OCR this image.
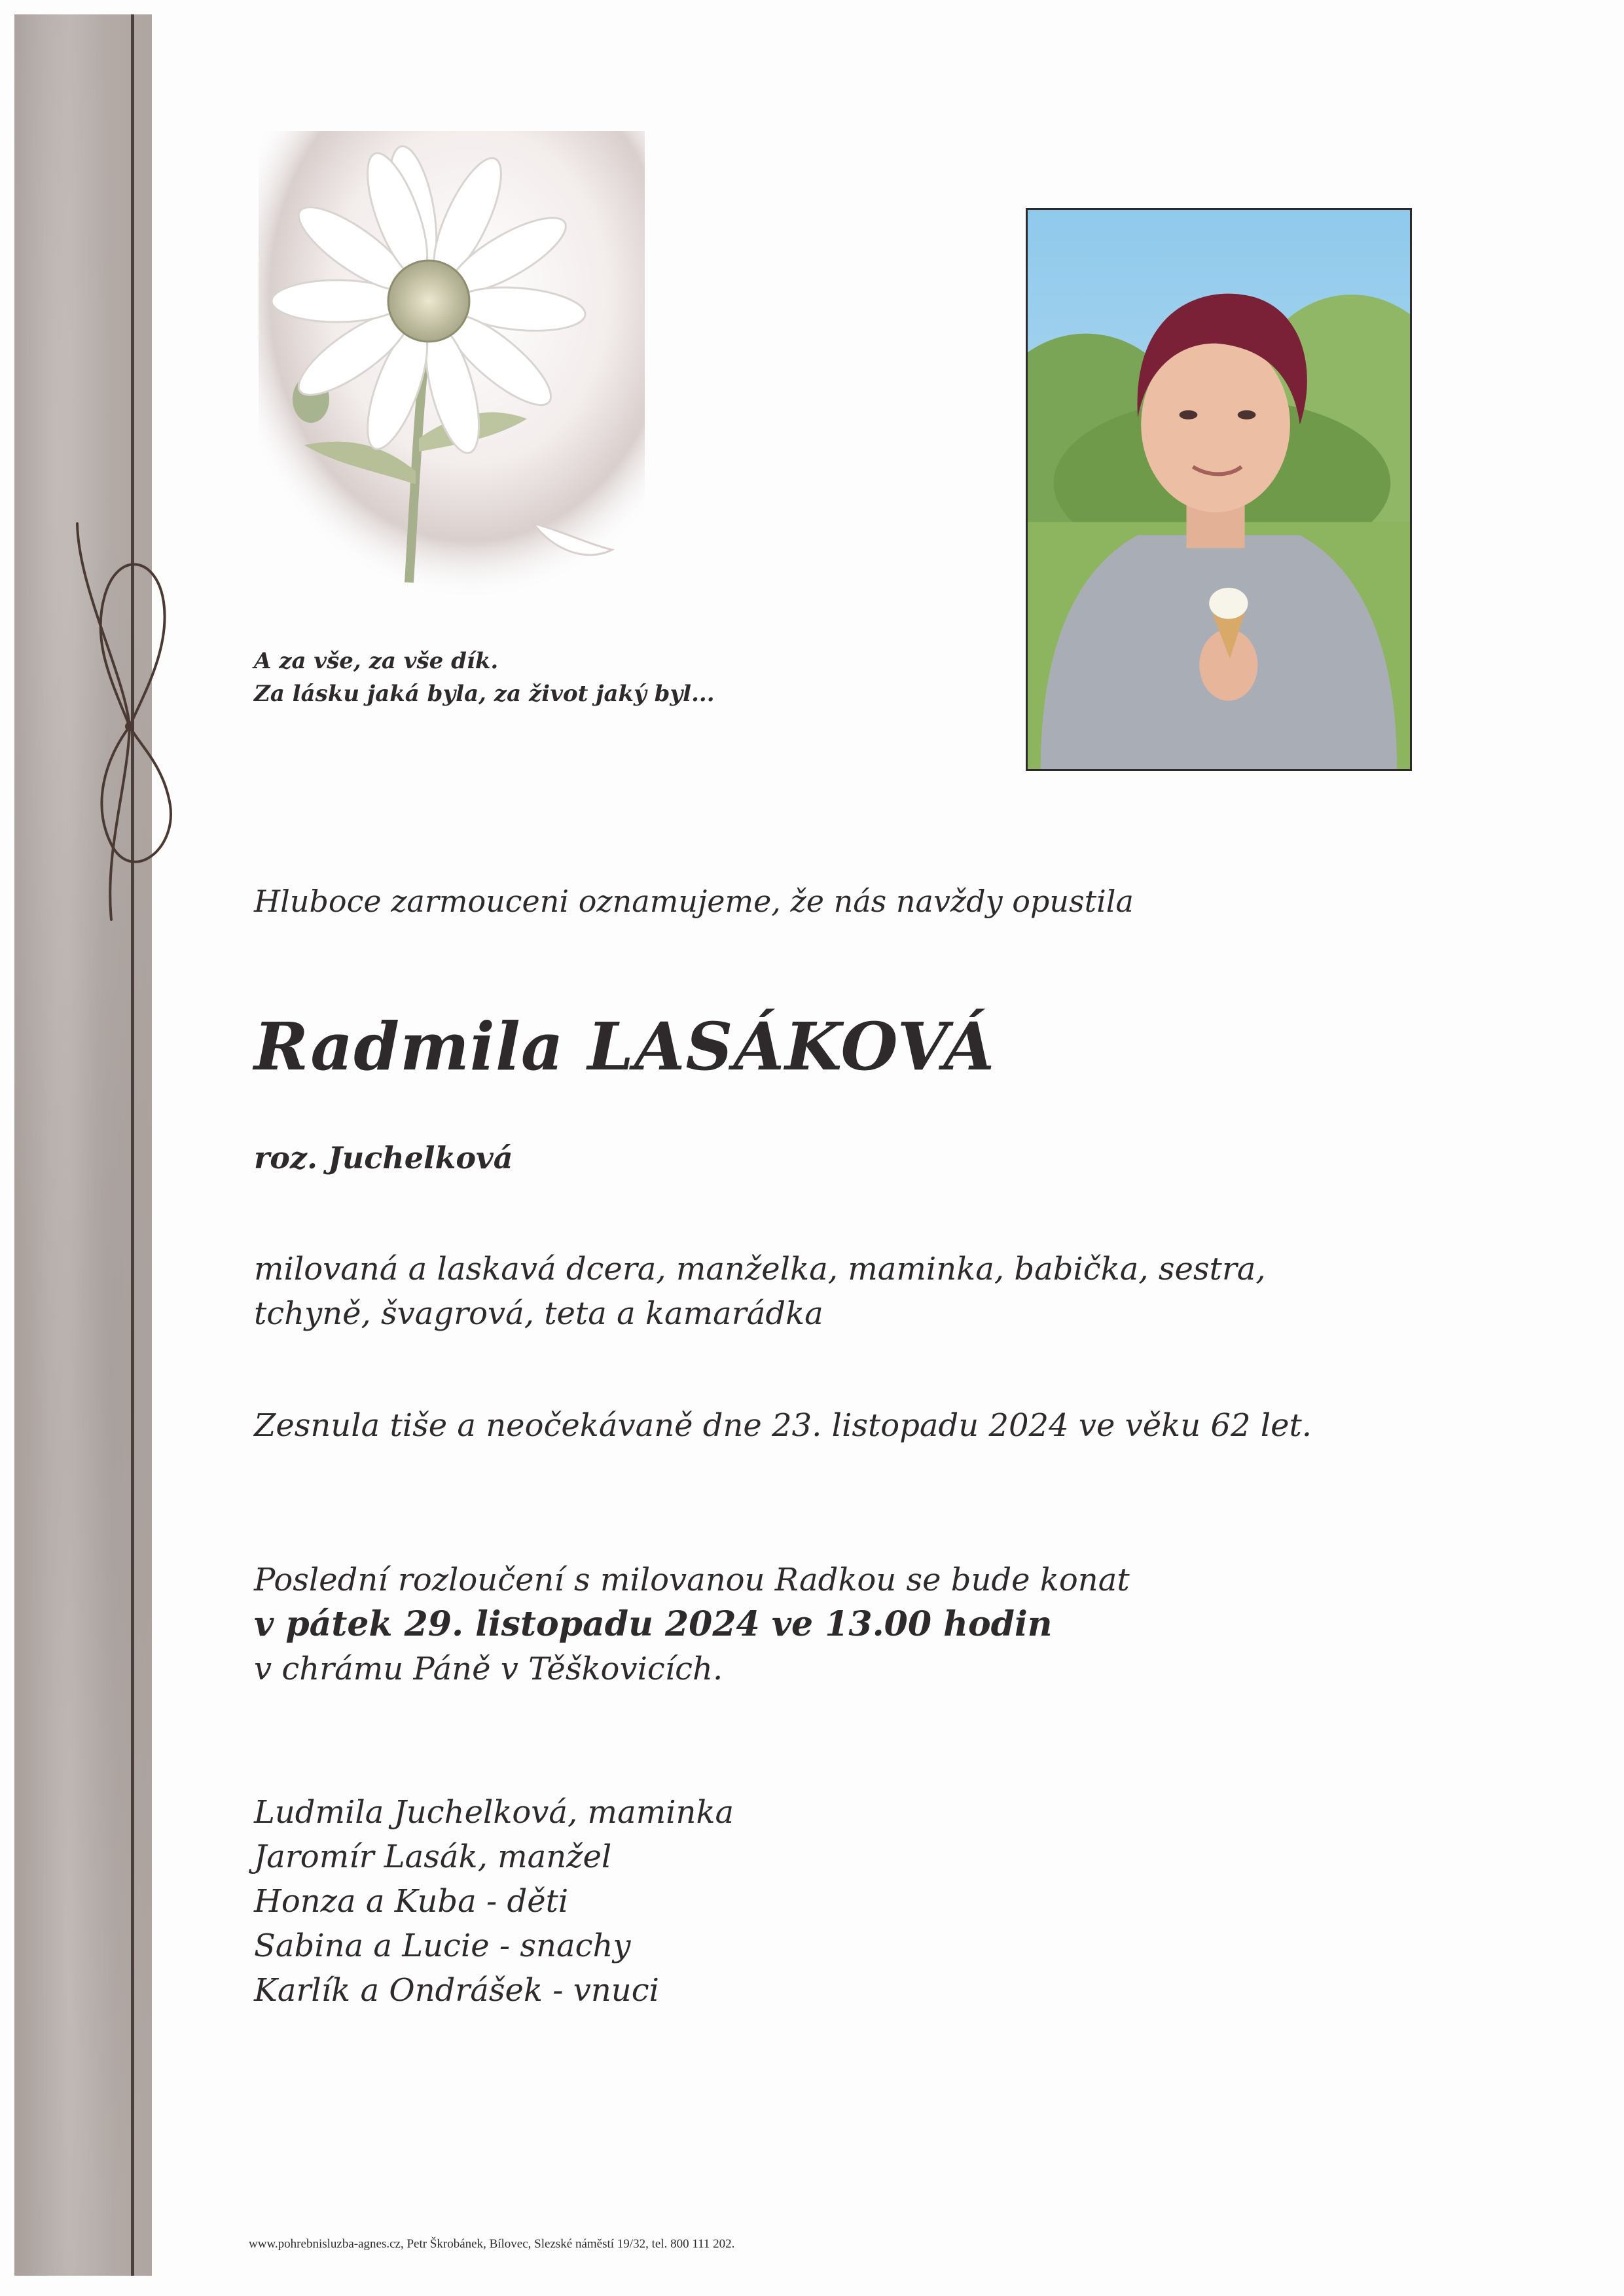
A za vše, za vše dík.
Za lásku jaká byla, za život jaký byl...
Hluboce zarmouceni oznamujeme, že nás navždy opustila
Radmila LASÁKOVÁ
roz. Juchelková
milovaná a laskavá dcera, manželka, maminka, babička, sestra,
tchyně, švagrová, teta a kamarádka
Zesnula tiše a neočekávaně dne 23. listopadu 2024 ve věku 62 let.
Poslední rozloučení s milovanou Radkou se bude konat
v pátek 29. listopadu 2024 ve 13.00 hodin
v chrámu Páně v Těškovicích.
Ludmila Juchelková, maminka
Jaromír Lasák, manžel
Honza a Kuba - děti
Sabina a Lucie - snachy
Karlík a Ondrášek - vnuci
www.pohrebnisluzba-agnes.cz, Petr Škrobánek, Bílovec, Slezské náměstí 19/32, tel. 800 111 202.
